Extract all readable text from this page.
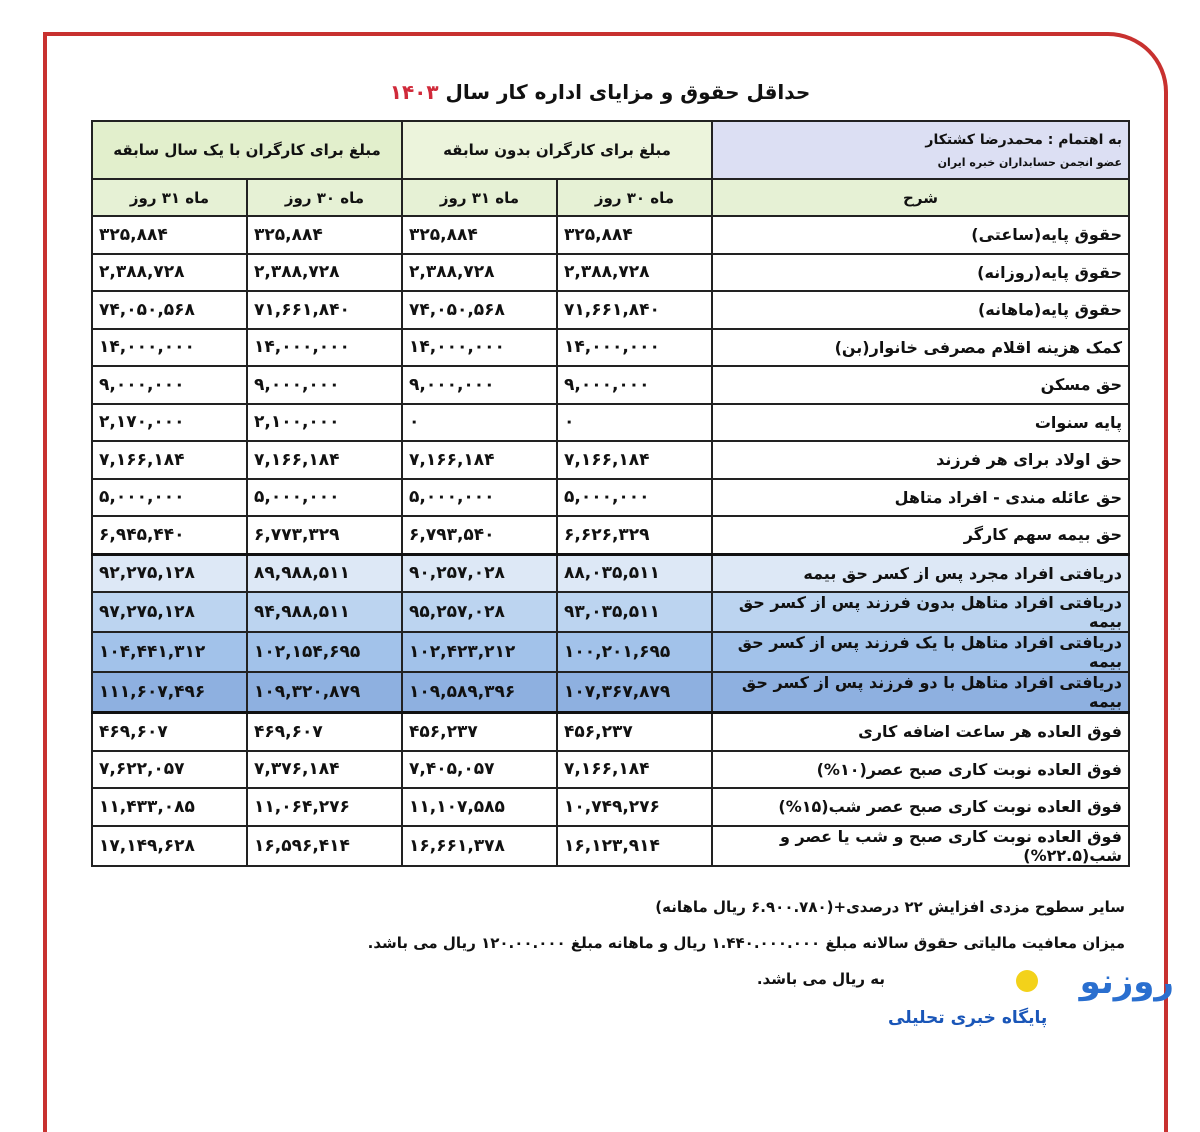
حداقل حقوق و مزایای اداره کار سال ۱۴۰۳
به اهتمام : محمدرضا کشتکار
عضو انجمن حسابداران خبره ایران	مبلغ برای کارگران بدون سابقه		مبلغ برای کارگران با یک سال سابقه	
شرح	ماه ۳۰ روز	ماه ۳۱ روز	ماه ۳۰ روز	ماه ۳۱ روز
حقوق پایه(ساعتی)	۳۲۵,۸۸۴	۳۲۵,۸۸۴	۳۲۵,۸۸۴	۳۲۵,۸۸۴
حقوق پایه(روزانه)	۲,۳۸۸,۷۲۸	۲,۳۸۸,۷۲۸	۲,۳۸۸,۷۲۸	۲,۳۸۸,۷۲۸
حقوق پایه(ماهانه)	۷۱,۶۶۱,۸۴۰	۷۴,۰۵۰,۵۶۸	۷۱,۶۶۱,۸۴۰	۷۴,۰۵۰,۵۶۸
کمک هزینه اقلام مصرفی خانوار(بن)	۱۴,۰۰۰,۰۰۰	۱۴,۰۰۰,۰۰۰	۱۴,۰۰۰,۰۰۰	۱۴,۰۰۰,۰۰۰
حق مسکن	۹,۰۰۰,۰۰۰	۹,۰۰۰,۰۰۰	۹,۰۰۰,۰۰۰	۹,۰۰۰,۰۰۰
پایه سنوات	۰	۰	۲,۱۰۰,۰۰۰	۲,۱۷۰,۰۰۰
حق اولاد برای هر فرزند	۷,۱۶۶,۱۸۴	۷,۱۶۶,۱۸۴	۷,۱۶۶,۱۸۴	۷,۱۶۶,۱۸۴
حق عائله مندی - افراد متاهل	۵,۰۰۰,۰۰۰	۵,۰۰۰,۰۰۰	۵,۰۰۰,۰۰۰	۵,۰۰۰,۰۰۰
حق بیمه سهم کارگر	۶,۶۲۶,۳۲۹	۶,۷۹۳,۵۴۰	۶,۷۷۳,۳۲۹	۶,۹۴۵,۴۴۰
دریافتی افراد مجرد پس از کسر حق بیمه	۸۸,۰۳۵,۵۱۱	۹۰,۲۵۷,۰۲۸	۸۹,۹۸۸,۵۱۱	۹۲,۲۷۵,۱۲۸
دریافتی افراد متاهل بدون فرزند پس از کسر حق بیمه	۹۳,۰۳۵,۵۱۱	۹۵,۲۵۷,۰۲۸	۹۴,۹۸۸,۵۱۱	۹۷,۲۷۵,۱۲۸
دریافتی افراد متاهل با یک فرزند پس از کسر حق بیمه	۱۰۰,۲۰۱,۶۹۵	۱۰۲,۴۲۳,۲۱۲	۱۰۲,۱۵۴,۶۹۵	۱۰۴,۴۴۱,۳۱۲
دریافتی افراد متاهل با دو فرزند پس از کسر حق بیمه	۱۰۷,۳۶۷,۸۷۹	۱۰۹,۵۸۹,۳۹۶	۱۰۹,۳۲۰,۸۷۹	۱۱۱,۶۰۷,۴۹۶
فوق العاده هر ساعت اضافه کاری	۴۵۶,۲۳۷	۴۵۶,۲۳۷	۴۶۹,۶۰۷	۴۶۹,۶۰۷
فوق العاده نوبت کاری صبح عصر(۱۰%)	۷,۱۶۶,۱۸۴	۷,۴۰۵,۰۵۷	۷,۳۷۶,۱۸۴	۷,۶۲۲,۰۵۷
فوق العاده نوبت کاری صبح عصر شب(۱۵%)	۱۰,۷۴۹,۲۷۶	۱۱,۱۰۷,۵۸۵	۱۱,۰۶۴,۲۷۶	۱۱,۴۳۳,۰۸۵
فوق العاده نوبت کاری صبح و شب یا عصر و شب(۲۲.۵%)	۱۶,۱۲۳,۹۱۴	۱۶,۶۶۱,۳۷۸	۱۶,۵۹۶,۴۱۴	۱۷,۱۴۹,۶۲۸
سایر سطوح مزدی افزایش ۲۲ درصدی+(۶.۹۰۰.۷۸۰ ریال ماهانه)
میزان معافیت مالیاتی حقوق سالانه مبلغ ۱.۴۴۰.۰۰۰.۰۰۰ ریال و ماهانه مبلغ ۱۲۰.۰۰.۰۰۰ ریال می باشد.
به ریال می باشد.	روزنو
پایگاه خبری تحلیلی
